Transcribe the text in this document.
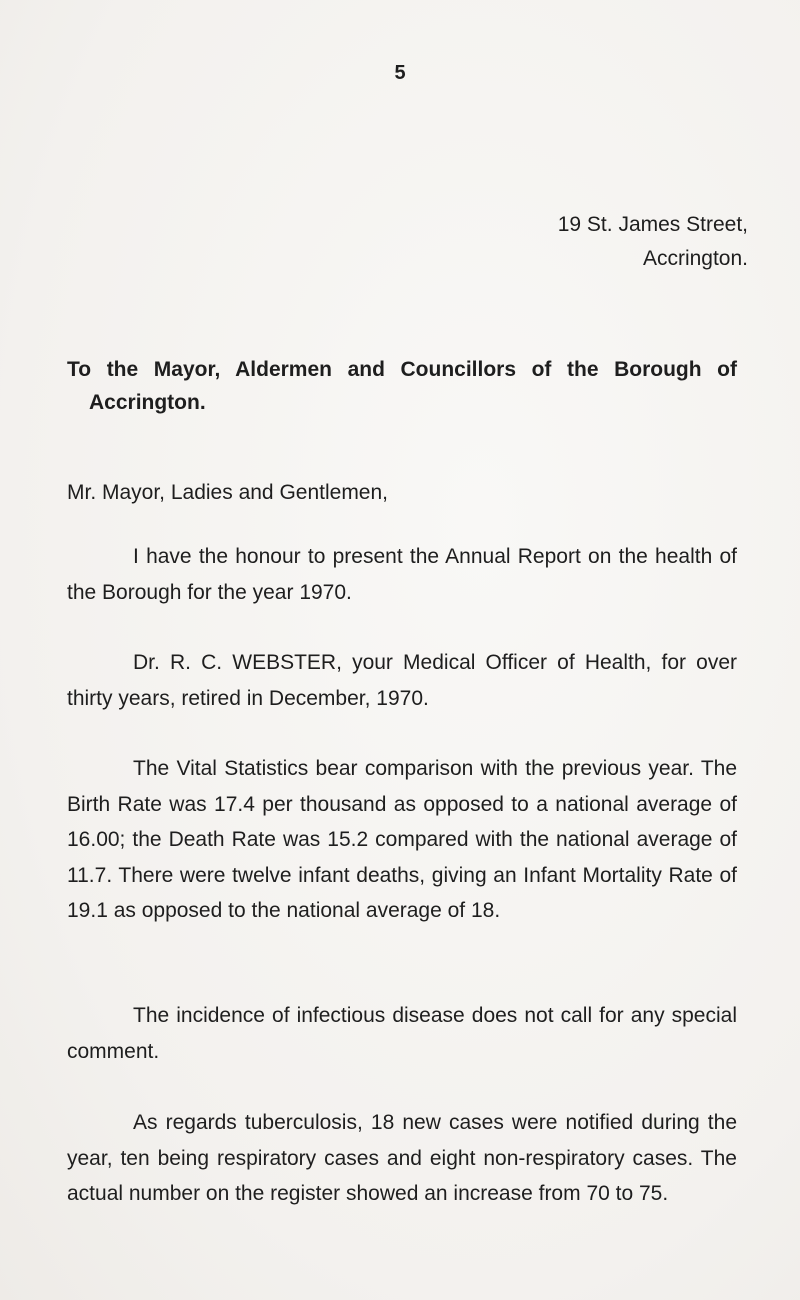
5
19 St. James Street,
Accrington.
To the Mayor, Aldermen and Councillors of the Borough of
Accrington.
Mr. Mayor, Ladies and Gentlemen,

I have the honour to present the Annual Report on the health of the Borough for the year 1970.

Dr. R. C. WEBSTER, your Medical Officer of Health, for over thirty years, retired in December, 1970.

The Vital Statistics bear comparison with the previous year. The Birth Rate was 17.4 per thousand as opposed to a national average of 16.00; the Death Rate was 15.2 compared with the national average of 11.7. There were twelve infant deaths, giving an Infant Mortality Rate of 19.1 as opposed to the national average of 18.

The incidence of infectious disease does not call for any special comment.

As regards tuberculosis, 18 new cases were notified during the year, ten being respiratory cases and eight non-respiratory cases. The actual number on the register showed an increase from 70 to 75.
